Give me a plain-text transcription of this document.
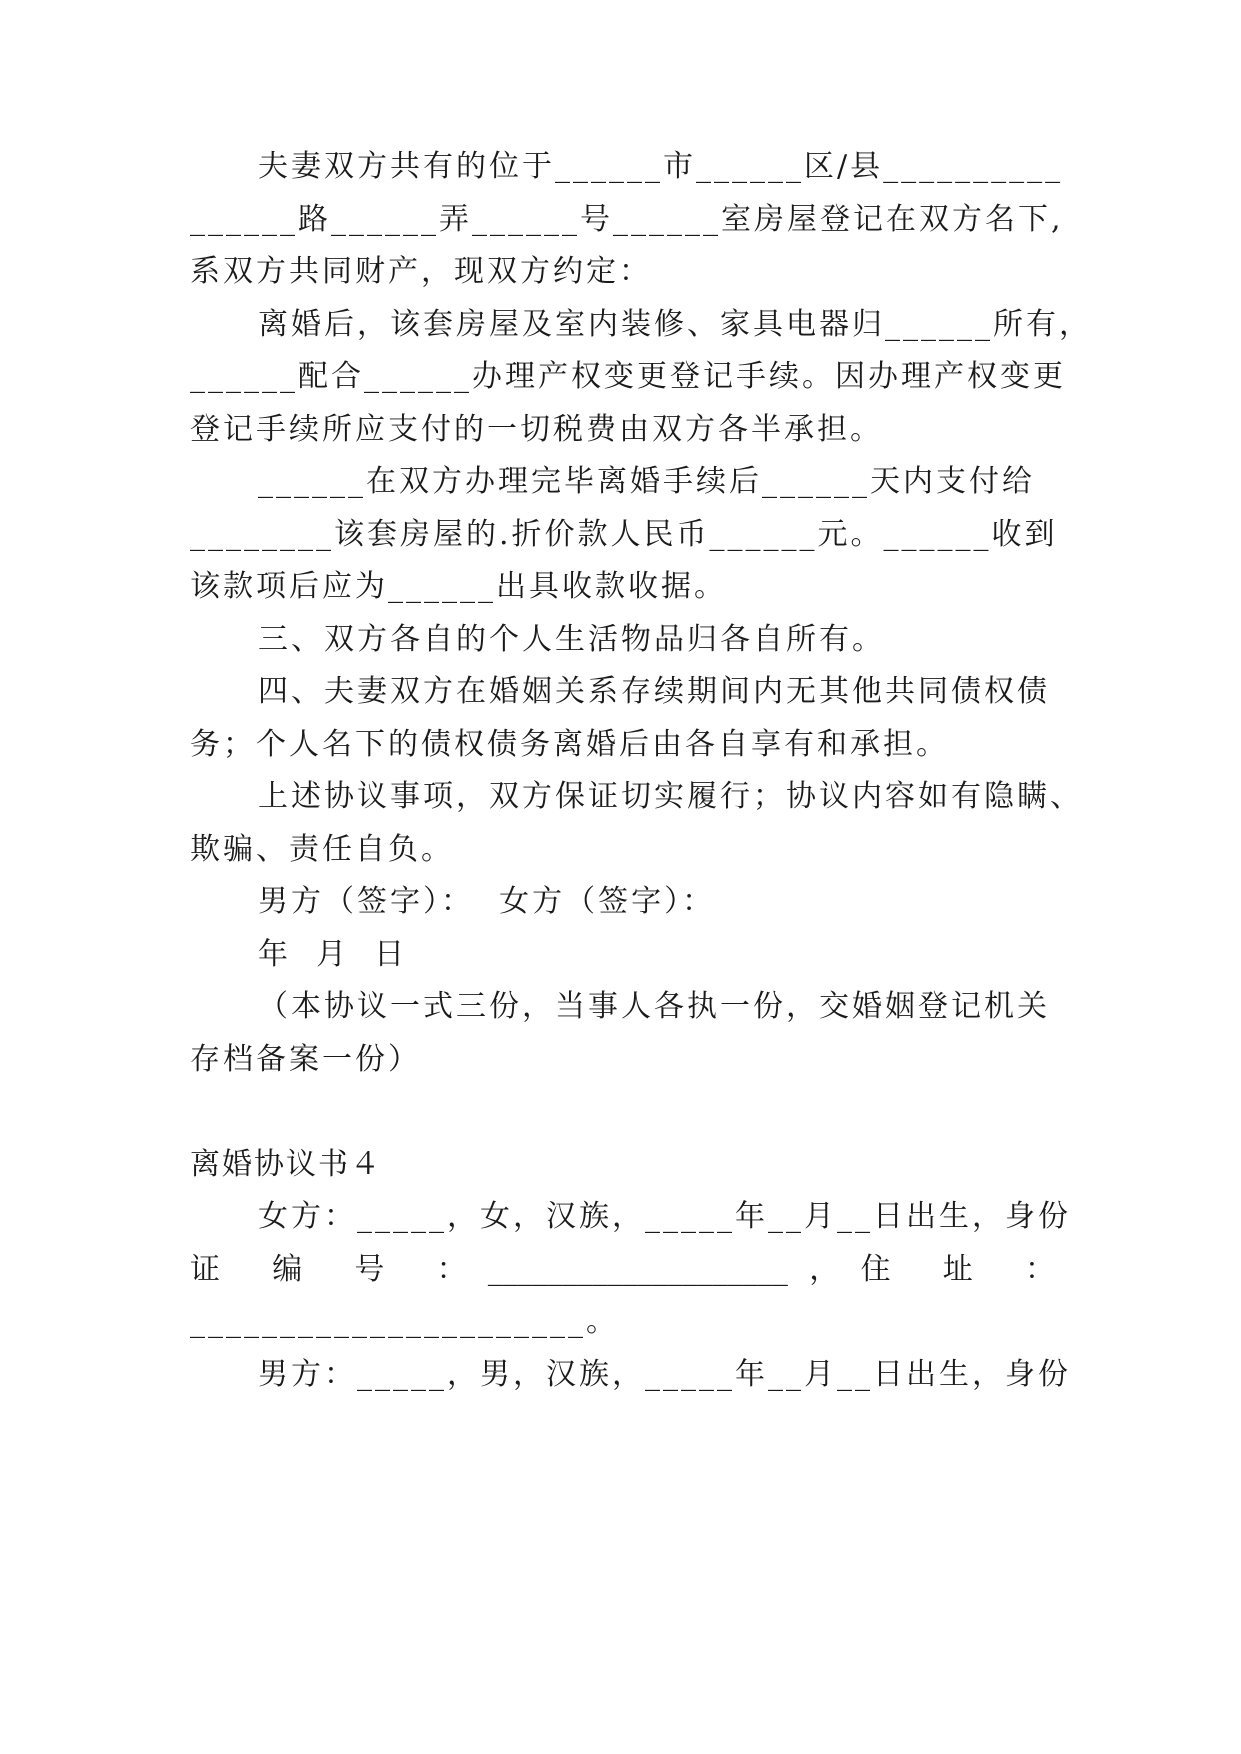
夫妻双方共有的位于______市______区/县__________
______路______弄______号______室房屋登记在双方名下,
系双方共同财产，现双方约定：
离婚后，该套房屋及室内装修、家具电器归______所有，
______配合______办理产权变更登记手续。因办理产权变更
登记手续所应支付的一切税费由双方各半承担。
______在双方办理完毕离婚手续后______天内支付给
________该套房屋的.折价款人民币______元。______收到
该款项后应为______出具收款收据。
三、双方各自的个人生活物品归各自所有。
四、夫妻双方在婚姻关系存续期间内无其他共同债权债
务；个人名下的债权债务离婚后由各自享有和承担。
上述协议事项，双方保证切实履行；协议内容如有隐瞒、
欺骗、责任自负。
男方（签字）：  女方（签字）：
年  月  日
（本协议一式三份，当事人各执一份，交婚姻登记机关
存档备案一份）
离婚协议书４
女方：_____，女，汉族，_____年__月__日出生，身份
证 编 号 ：____________________，住 址 ：
______________________。
男方：_____，男，汉族，_____年__月__日出生，身份
